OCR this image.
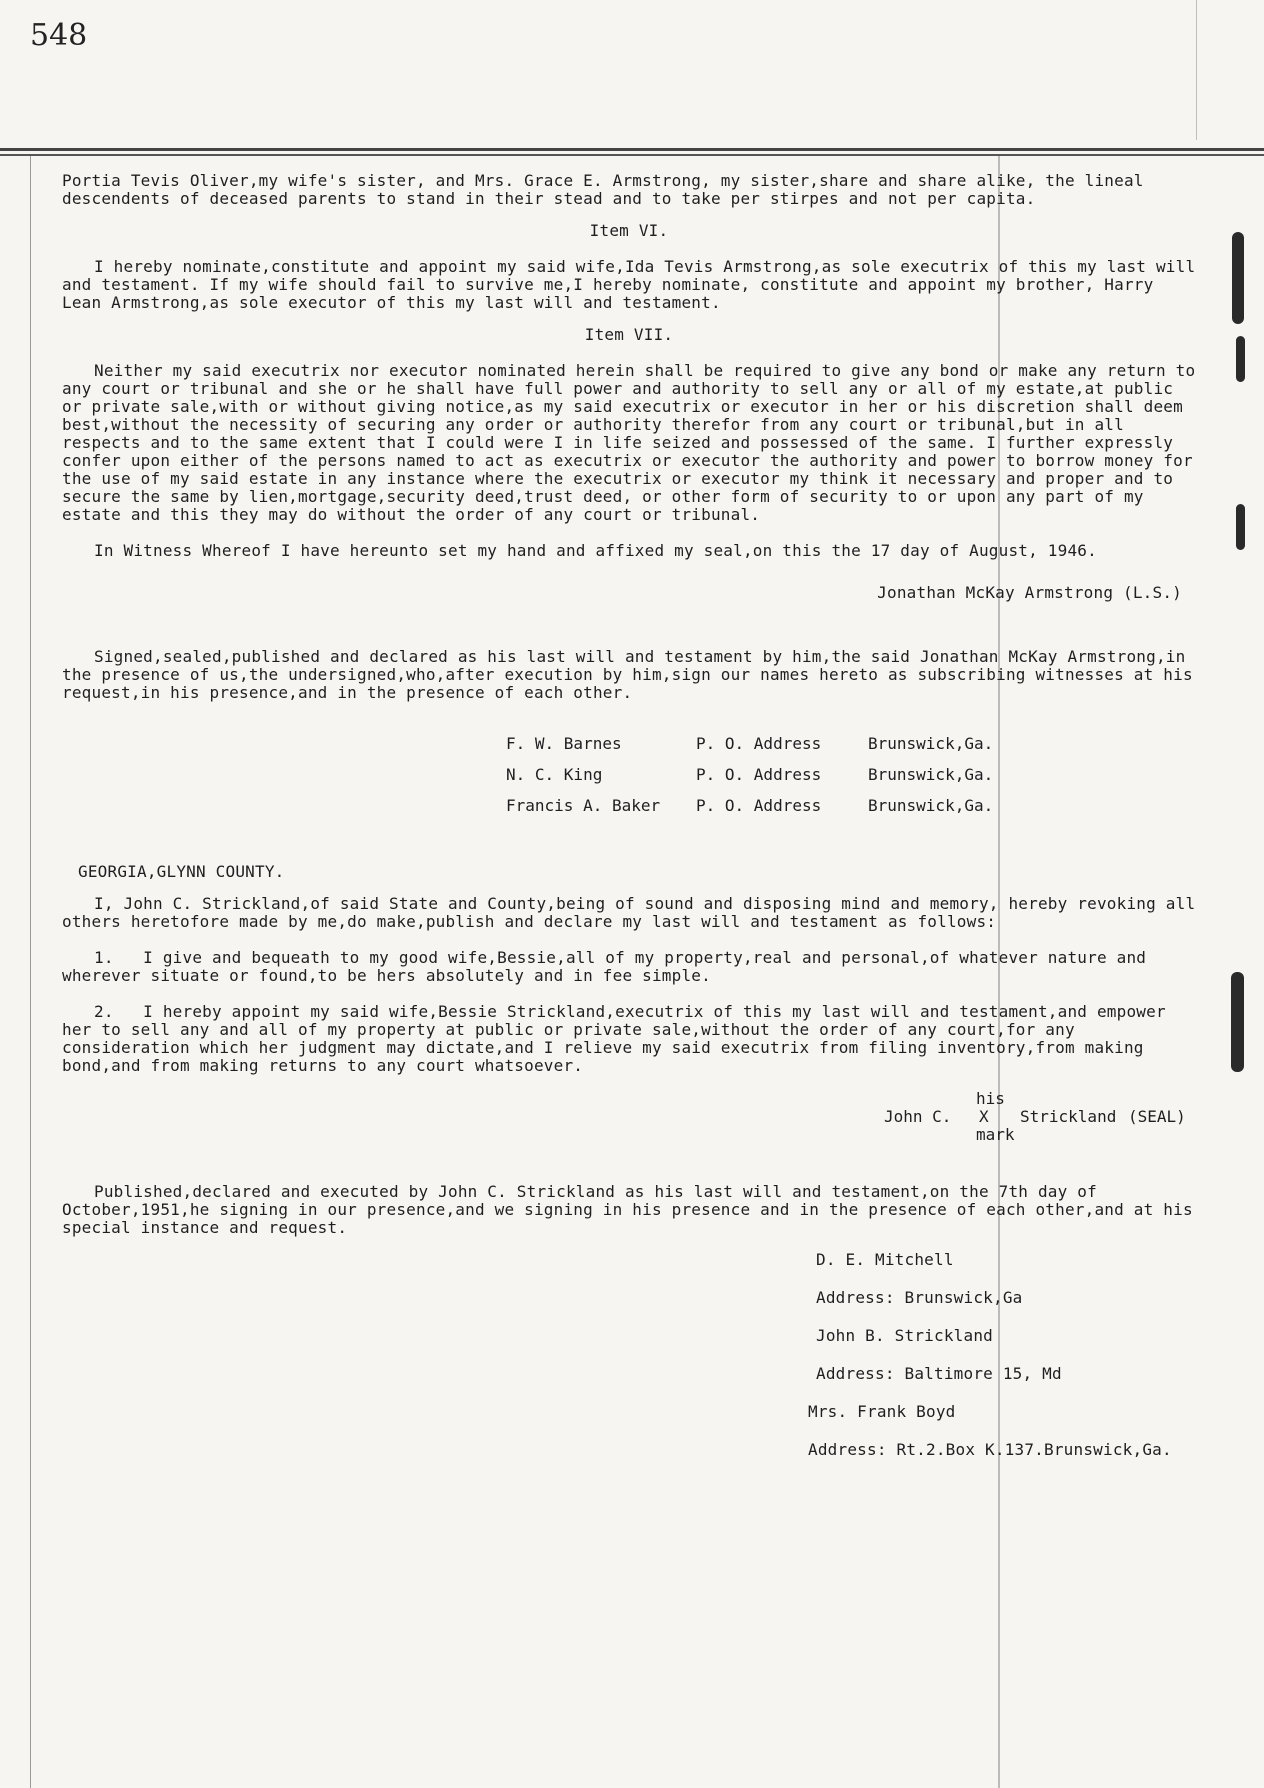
548

Portia Tevis Oliver,my wife's sister, and Mrs. Grace E. Armstrong, my sister,share and share alike, the lineal descendents of deceased parents to stand in their stead and to take per stirpes and not per capita.

Item VI.

I hereby nominate,constitute and appoint my said wife,Ida Tevis Armstrong,as sole executrix of this my last will and testament. If my wife should fail to survive me,I hereby nominate, constitute and appoint my brother, Harry Lean Armstrong,as sole executor of this my last will and testament.

Item VII.

Neither my said executrix nor executor nominated herein shall be required to give any bond or make any return to any court or tribunal and she or he shall have full power and authority to sell any or all of my estate,at public or private sale,with or without giving notice,as my said executrix or executor in her or his discretion shall deem best,without the necessity of securing any order or authority therefor from any court or tribunal,but in all respects and to the same extent that I could were I in life seized and possessed of the same. I further expressly confer upon either of the persons named to act as executrix or executor the authority and power to borrow money for the use of my said estate in any instance where the executrix or executor my think it necessary and proper and to secure the same by lien,mortgage,security deed,trust deed, or other form of security to or upon any part of my estate and this they may do without the order of any court or tribunal.

In Witness Whereof I have hereunto set my hand and affixed my seal,on this the 17 day of August, 1946.

Jonathan McKay Armstrong (L.S.)

Signed,sealed,published and declared as his last will and testament by him,the said Jonathan McKay Armstrong,in the presence of us,the undersigned,who,after execution by him,sign our names hereto as subscribing witnesses at his request,in his presence,and in the presence of each other.

F. W. Barnes	P. O. Address	Brunswick,Ga.
N. C. King	P. O. Address	Brunswick,Ga.
Francis A. Baker	P. O. Address	Brunswick,Ga.

GEORGIA,GLYNN COUNTY.

I, John C. Strickland,of said State and County,being of sound and disposing mind and memory, hereby revoking all others heretofore made by me,do make,publish and declare my last will and testament as follows:

1.   I give and bequeath to my good wife,Bessie,all of my property,real and personal,of whatever nature and wherever situate or found,to be hers absolutely and in fee simple.

2.   I hereby appoint my said wife,Bessie Strickland,executrix of this my last will and testament,and empower her to sell any and all of my property at public or private sale,without the order of any court,for any consideration which her judgment may dictate,and I relieve my said executrix from filing inventory,from making bond,and from making returns to any court whatsoever.

his
John C. X Strickland (SEAL)
mark

Published,declared and executed by John C. Strickland as his last will and testament,on the 7th day of October,1951,he signing in our presence,and we signing in his presence and in the presence of each other,and at his special instance and request.

D. E. Mitchell

Address: Brunswick,Ga

John B. Strickland

Address: Baltimore 15, Md

Mrs. Frank Boyd

Address: Rt.2.Box K.137.Brunswick,Ga.
